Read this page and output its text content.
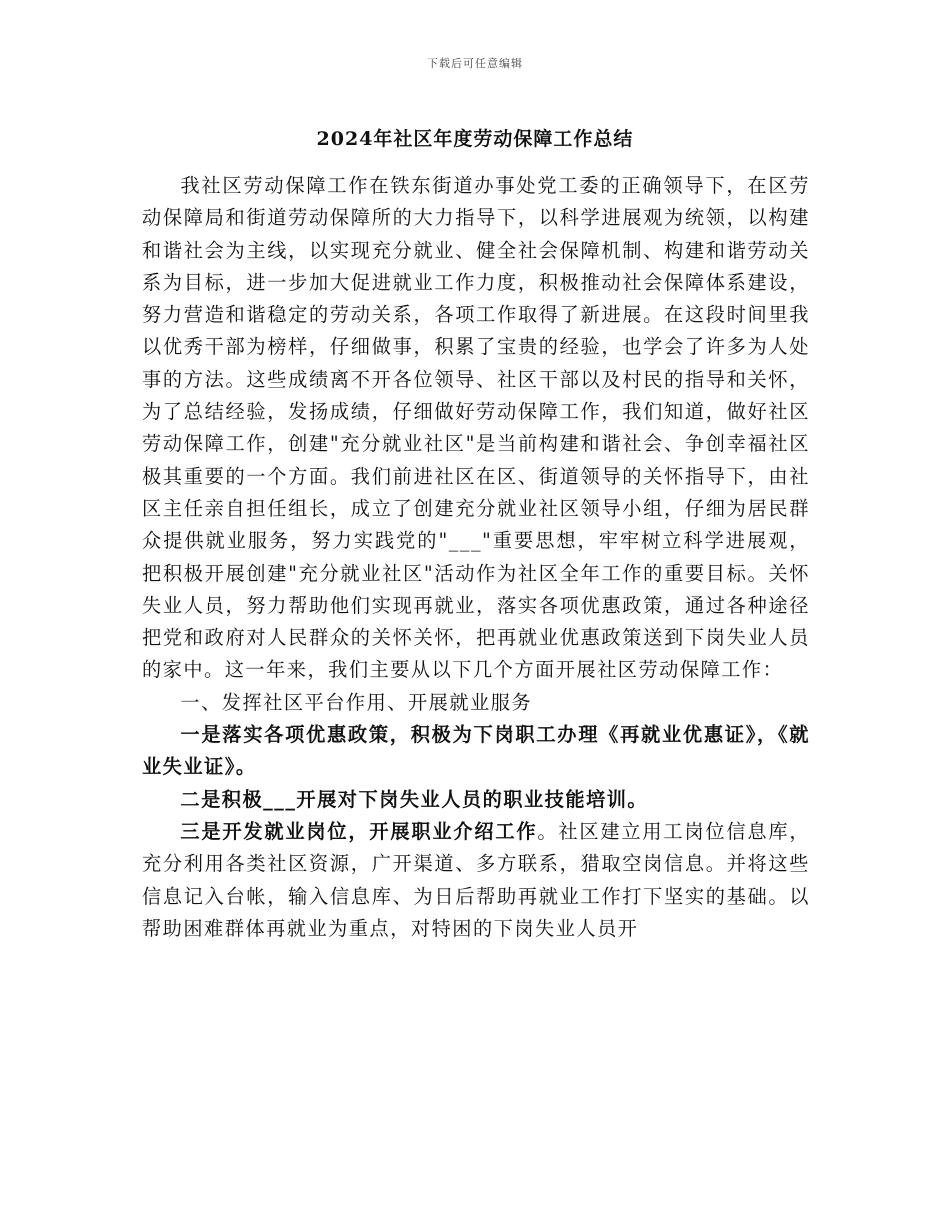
下载后可任意编辑
2024年社区年度劳动保障工作总结

我社区劳动保障工作在铁东街道办事处党工委的正确领导下，在区劳动保障局和街道劳动保障所的大力指导下，以科学进展观为统领，以构建和谐社会为主线，以实现充分就业、健全社会保障机制、构建和谐劳动关系为目标，进一步加大促进就业工作力度，积极推动社会保障体系建设，努力营造和谐稳定的劳动关系，各项工作取得了新进展。在这段时间里我以优秀干部为榜样，仔细做事，积累了宝贵的经验，也学会了许多为人处事的方法。这些成绩离不开各位领导、社区干部以及村民的指导和关怀，为了总结经验，发扬成绩，仔细做好劳动保障工作，我们知道，做好社区劳动保障工作，创建"充分就业社区"是当前构建和谐社会、争创幸福社区极其重要的一个方面。我们前进社区在区、街道领导的关怀指导下，由社区主任亲自担任组长，成立了创建充分就业社区领导小组，仔细为居民群众提供就业服务，努力实践党的"___"重要思想，牢牢树立科学进展观，把积极开展创建"充分就业社区"活动作为社区全年工作的重要目标。关怀失业人员，努力帮助他们实现再就业，落实各项优惠政策，通过各种途径把党和政府对人民群众的关怀关怀，把再就业优惠政策送到下岗失业人员的家中。这一年来，我们主要从以下几个方面开展社区劳动保障工作：

一、发挥社区平台作用、开展就业服务

一是落实各项优惠政策，积极为下岗职工办理《再就业优惠证》，《就业失业证》。

二是积极___开展对下岗失业人员的职业技能培训。

三是开发就业岗位，开展职业介绍工作。社区建立用工岗位信息库，充分利用各类社区资源，广开渠道、多方联系，猎取空岗信息。并将这些信息记入台帐，输入信息库、为日后帮助再就业工作打下坚实的基础。以帮助困难群体再就业为重点，对特困的下岗失业人员开
